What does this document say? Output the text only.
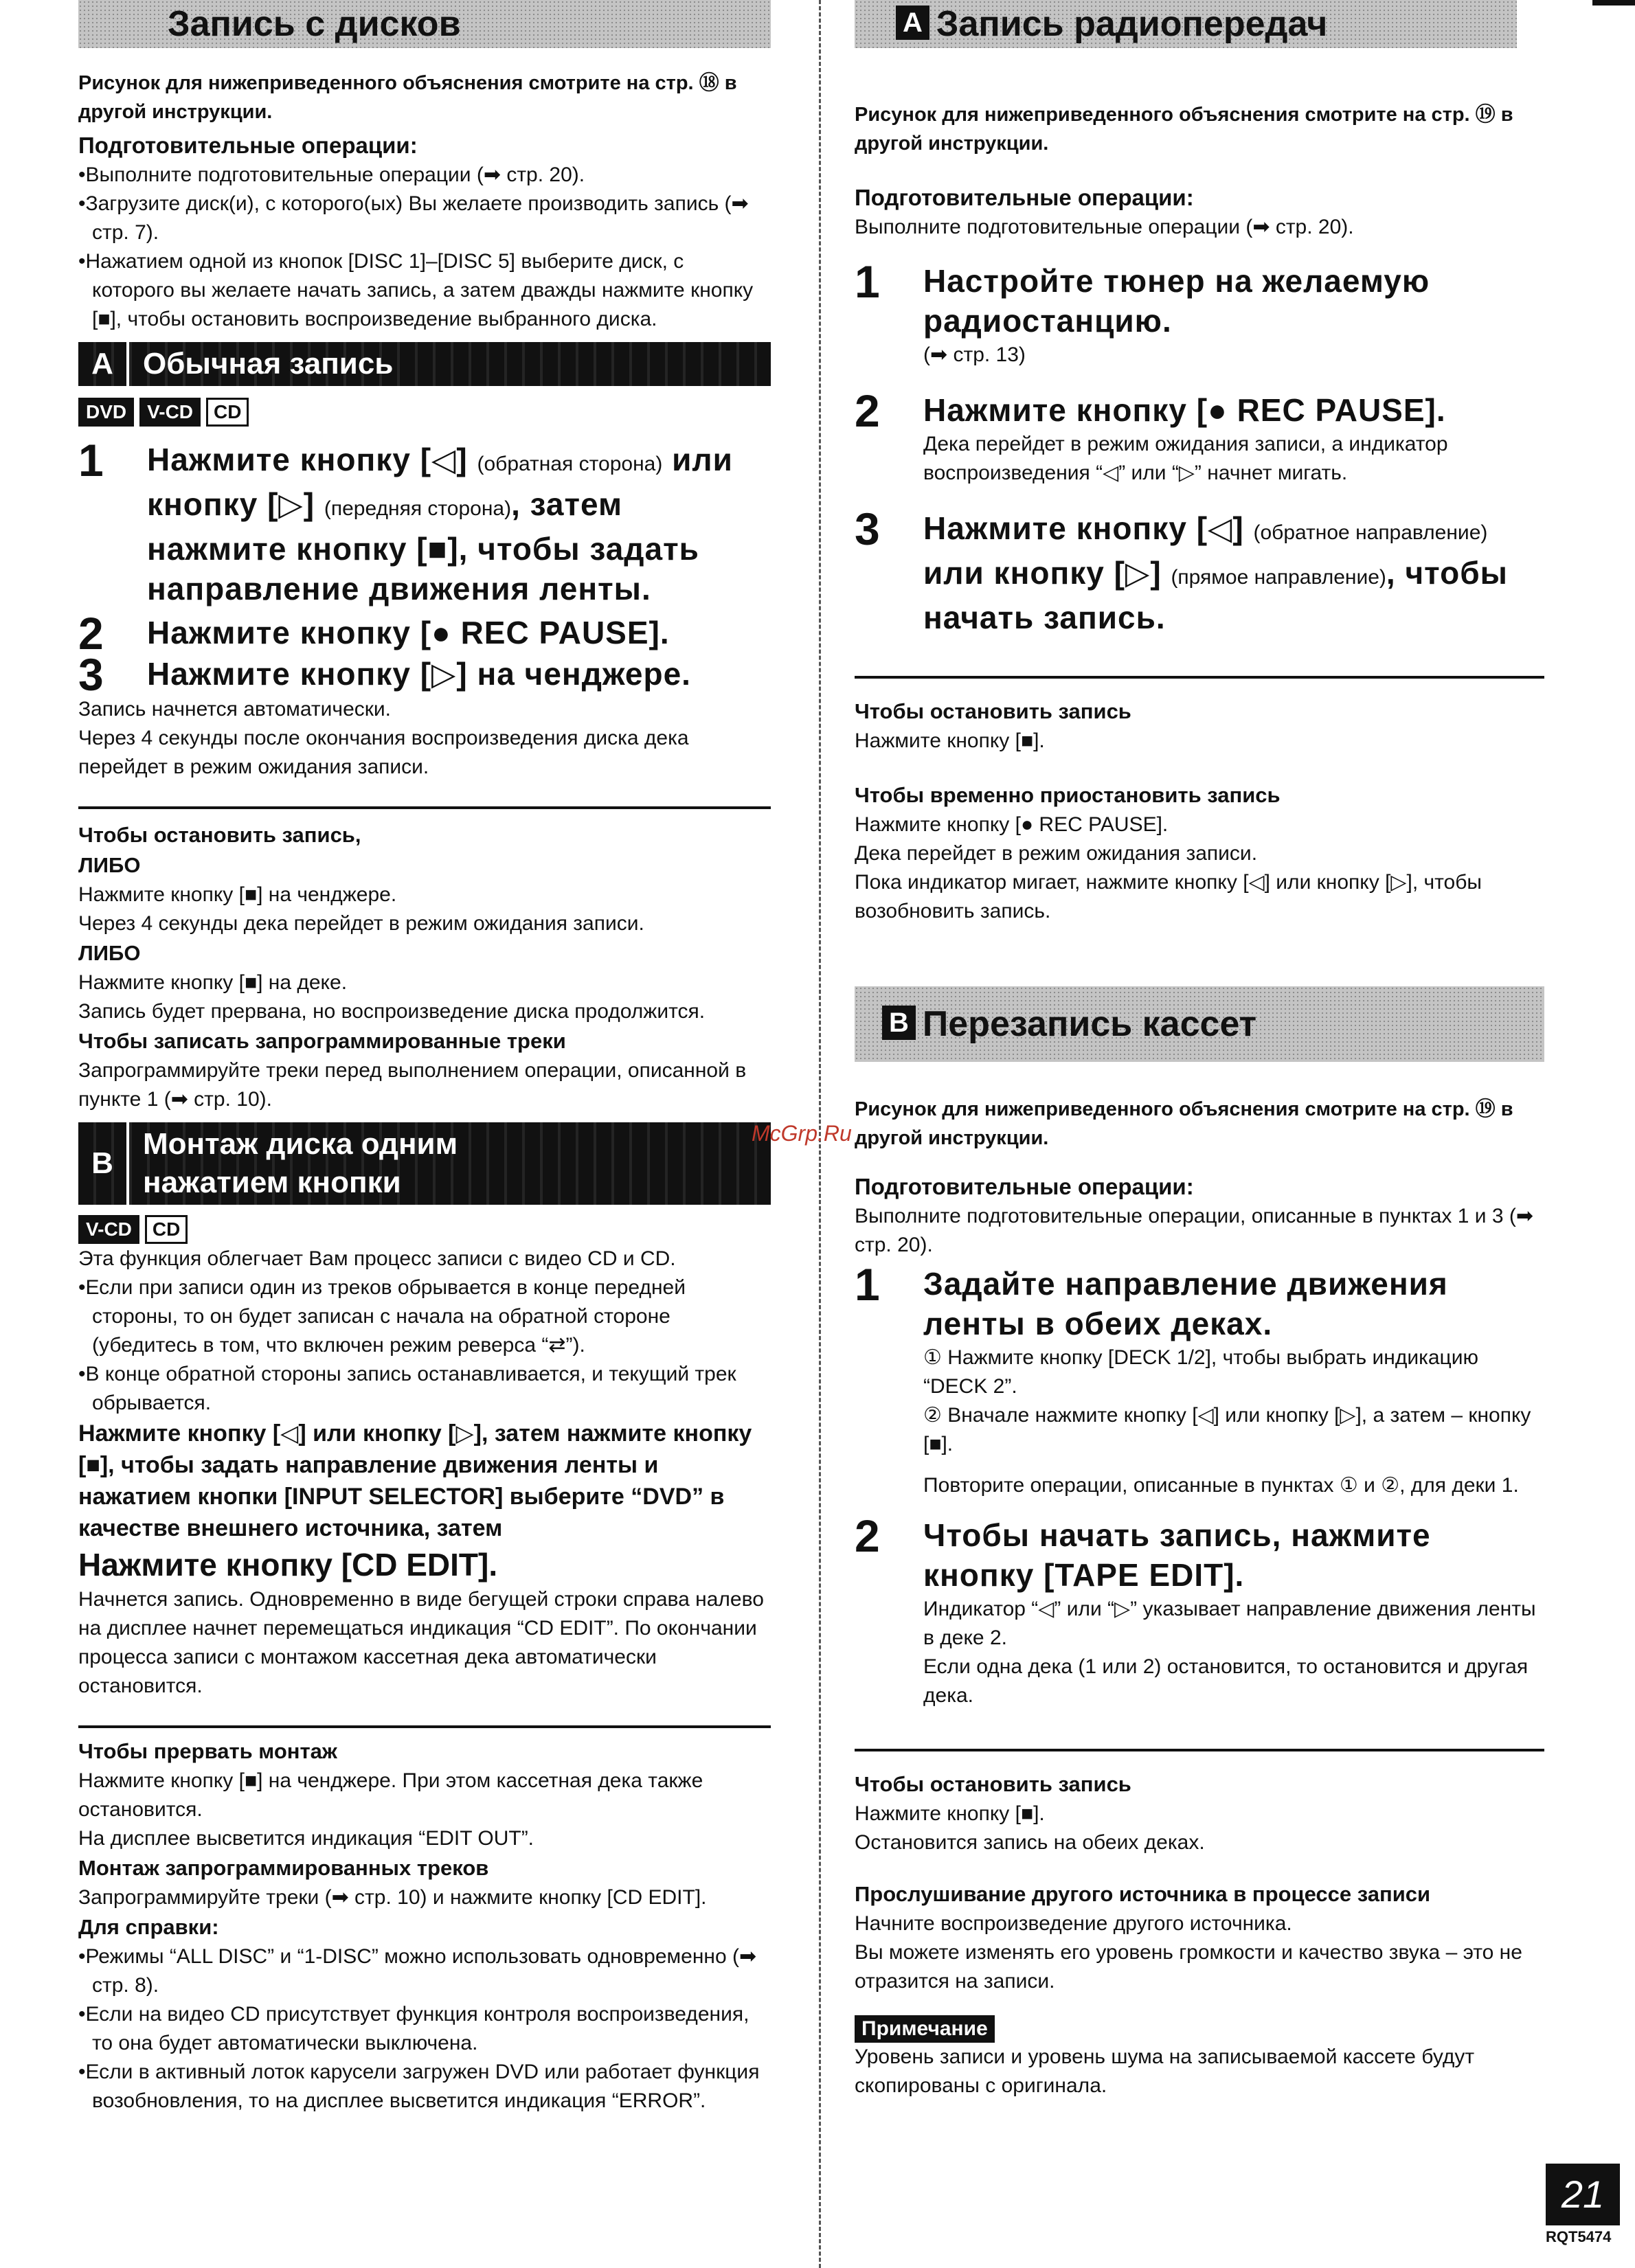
Запись с дисков

Рисунок для нижеприведенного объяснения смотрите на стр. ⑱ в другой инструкции.

Подготовительные операции:

•Выполните подготовительные операции (➡ стр. 20).

•Загрузите диск(и), с которого(ых) Вы желаете производить запись (➡ стр. 7).

•Нажатием одной из кнопок [DISC 1]–[DISC 5] выберите диск, с которого вы желаете начать запись, а затем дважды нажмите кнопку [■], чтобы остановить воспроизведение выбранного диска.

A Обычная запись
DVD	V-CD	CD
1	Нажмите кнопку [◁] (обратная сторона) или кнопку [▷] (передняя сторона), затем нажмите кнопку [■], чтобы задать направление движения ленты.
2	Нажмите кнопку [● REC PAUSE].
3	Нажмите кнопку [▷] на ченджере.

Запись начнется автоматически.

Через 4 секунды после окончания воспроизведения диска дека перейдет в режим ожидания записи.

Чтобы остановить запись,

ЛИБО

Нажмите кнопку [■] на ченджере.

Через 4 секунды дека перейдет в режим ожидания записи.

ЛИБО

Нажмите кнопку [■] на деке.

Запись будет прервана, но воспроизведение диска продолжится.

Чтобы записать запрограммированные треки

Запрограммируйте треки перед выполнением операции, описанной в пункте 1 (➡ стр. 10).

B
Монтаж диска одним нажатием кнопки
V-CD	CD

Эта функция облегчает Вам процесс записи с видео CD и CD.

•Если при записи один из треков обрывается в конце передней стороны, то он будет записан с начала на обратной стороне (убедитесь в том, что включен режим реверса “⇄”).

•В конце обратной стороны запись останавливается, и текущий трек обрывается.

Нажмите кнопку [◁] или кнопку [▷], затем нажмите кнопку [■], чтобы задать направление движения ленты и нажатием кнопки [INPUT SELECTOR] выберите “DVD” в качестве внешнего источника, затем

Нажмите кнопку [CD EDIT].

Начнется запись. Одновременно в виде бегущей строки справа налево на дисплее начнет перемещаться индикация “CD EDIT”. По окончании процесса записи с монтажом кассетная дека автоматически остановится.

Чтобы прервать монтаж

Нажмите кнопку [■] на ченджере. При этом кассетная дека также остановится.

На дисплее высветится индикация “EDIT OUT”.

Монтаж запрограммированных треков

Запрограммируйте треки (➡ стр. 10) и нажмите кнопку [CD EDIT].

Для справки:

•Режимы “ALL DISC” и “1-DISC” можно использовать одновременно (➡ стр. 8).

•Если на видео CD присутствует функция контроля воспроизведения, то она будет автоматически выключена.

•Если в активный лоток карусели загружен DVD или работает функция возобновления, то на дисплее высветится индикация “ERROR”.

A Запись радиопередач

Рисунок для нижеприведенного объяснения смотрите на стр. ⑲ в другой инструкции.

Подготовительные операции:

Выполните подготовительные операции (➡ стр. 20).

1	Настройте тюнер на желаемую радиостанцию.
(➡ стр. 13)
2	Нажмите кнопку [● REC PAUSE].
Дека перейдет в режим ожидания записи, а индикатор воспроизведения “◁” или “▷” начнет мигать.
3	Нажмите кнопку [◁] (обратное направление) или кнопку [▷] (прямое направление), чтобы начать запись.

Чтобы остановить запись

Нажмите кнопку [■].

Чтобы временно приостановить запись

Нажмите кнопку [● REC PAUSE].

Дека перейдет в режим ожидания записи.

Пока индикатор мигает, нажмите кнопку [◁] или кнопку [▷], чтобы возобновить запись.

B Перезапись кассет

Рисунок для нижеприведенного объяснения смотрите на стр. ⑲ в другой инструкции.

Подготовительные операции:

Выполните подготовительные операции, описанные в пунктах 1 и 3 (➡ стр. 20).

1	Задайте направление движения ленты в обеих деках.
① Нажмите кнопку [DECK 1/2], чтобы выбрать индикацию “DECK 2”.
② Вначале нажмите кнопку [◁] или кнопку [▷], а затем – кнопку [■].
Повторите операции, описанные в пунктах ① и ②, для деки 1.
2	Чтобы начать запись, нажмите кнопку [TAPE EDIT].
Индикатор “◁” или “▷” указывает направление движения ленты в деке 2.
Если одна дека (1 или 2) остановится, то остановится и другая дека.

Чтобы остановить запись

Нажмите кнопку [■].

Остановится запись на обеих деках.

Прослушивание другого источника в процессе записи

Начните воспроизведение другого источника.

Вы можете изменять его уровень громкости и качество звука – это не отразится на записи.

Примечание

Уровень записи и уровень шума на записываемой кассете будут скопированы с оригинала.

McGrp.Ru
21
RQT5474
